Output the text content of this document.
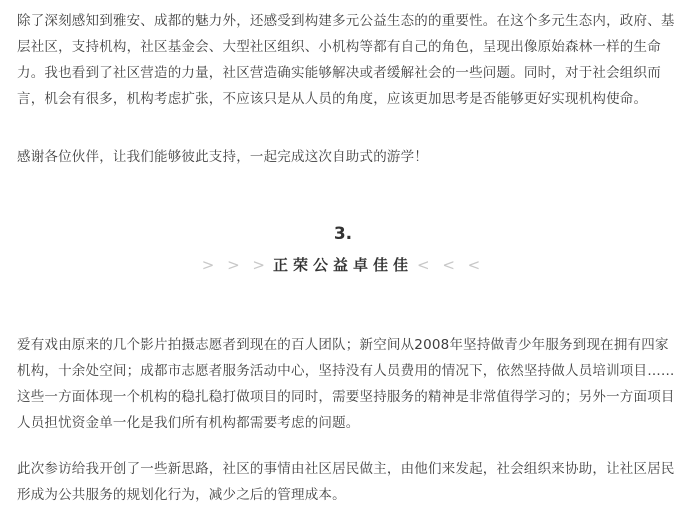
除了深刻感知到雅安、成都的魅力外，还感受到构建多元公益生态的的重要性。在这个多元生态内，政府、基层社区，支持机构，社区基金会、大型社区组织、小机构等都有自己的角色，呈现出像原始森林一样的生命力。我也看到了社区营造的力量，社区营造确实能够解决或者缓解社会的一些问题。同时，对于社会组织而言，机会有很多，机构考虑扩张，不应该只是从人员的角度，应该更加思考是否能够更好实现机构使命。

感谢各位伙伴，让我们能够彼此支持，一起完成这次自助式的游学！

3.

> > > 正荣公益卓佳佳 < < <

爱有戏由原来的几个影片拍摄志愿者到现在的百人团队；新空间从2008年坚持做青少年服务到现在拥有四家机构，十余处空间；成都市志愿者服务活动中心，坚持没有人员费用的情况下，依然坚持做人员培训项目……这些一方面体现一个机构的稳扎稳打做项目的同时，需要坚持服务的精神是非常值得学习的；另外一方面项目人员担忧资金单一化是我们所有机构都需要考虑的问题。

此次参访给我开创了一些新思路，社区的事情由社区居民做主，由他们来发起，社会组织来协助，让社区居民形成为公共服务的规划化行为，减少之后的管理成本。
